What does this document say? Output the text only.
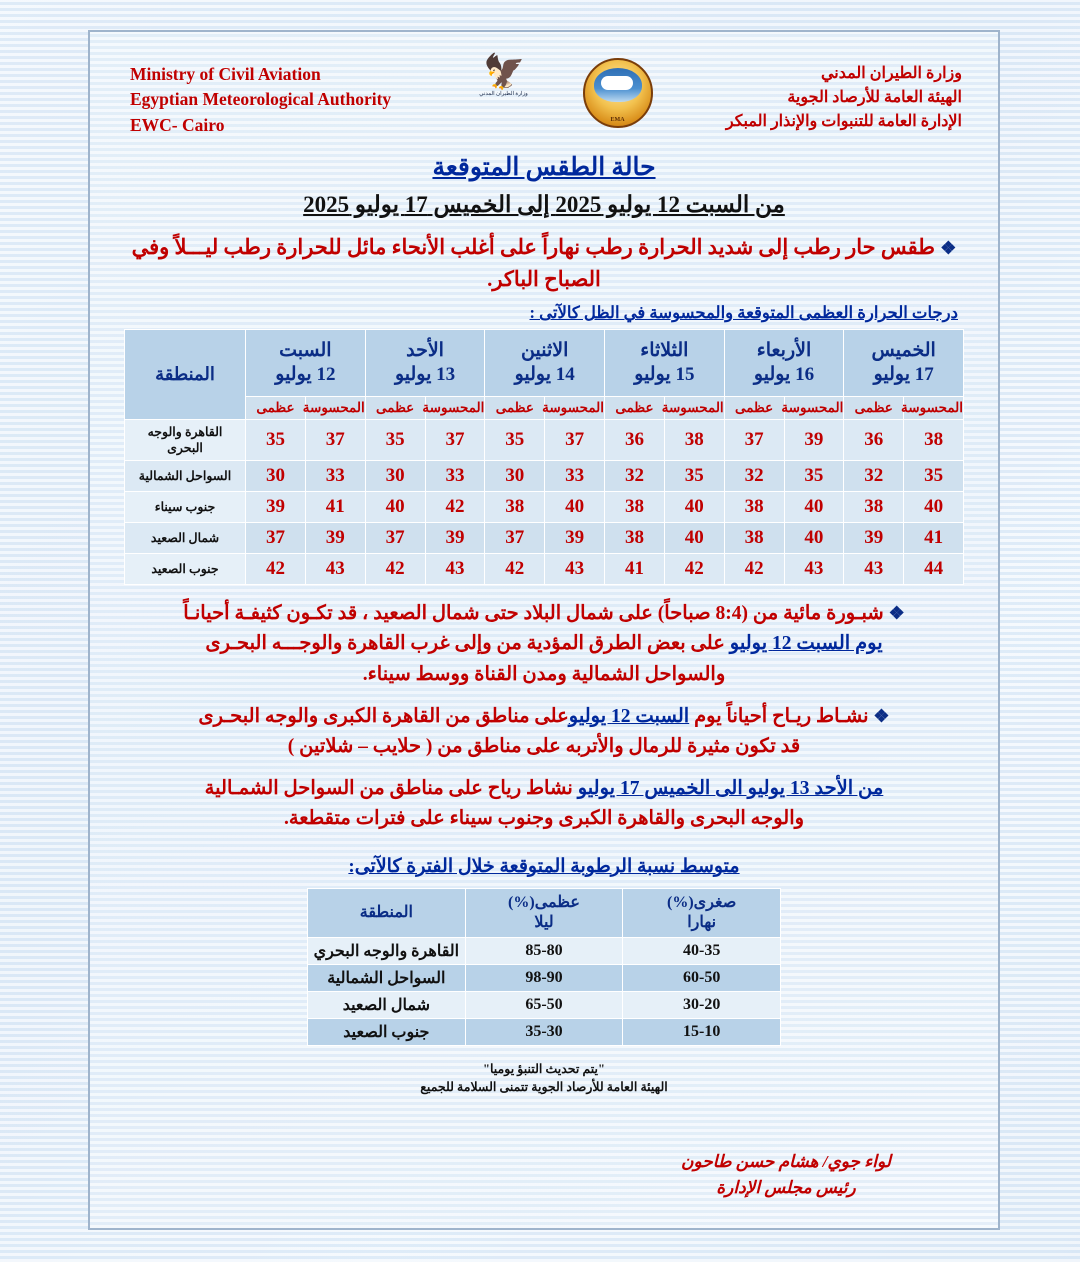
Ministry of Civil Aviation
Egyptian Meteorological Authority
EWC- Cairo
🦅
وزارة الطيران المدني
EMA
وزارة الطيران المدني
الهيئة العامة للأرصاد الجوية
الإدارة العامة للتنبوات والإنذار المبكر
حالة الطقس المتوقعة
من السبت 12 يوليو 2025 إلى الخميس 17 يوليو 2025
❖ طقس حار رطب إلى شديد الحرارة رطب نهاراً على أغلب الأنحاء مائل للحرارة رطب ليـــلاً وفي الصباح الباكر.
درجات الحرارة العظمى المتوقعة والمحسوسة في الظل كالآتى :
الخميس
17 يوليو

الأربعاء
16 يوليو

الثلاثاء
15 يوليو

الاثنين
14 يوليو

الأحد
13 يوليو

السبت
12 يوليو
	المنطقة
المحسوسة	عظمى	المحسوسة	عظمى	المحسوسة	عظمى	المحسوسة	عظمى	المحسوسة	عظمى	المحسوسة	عظمى	
38	36	39	37	38	36	37	35	37	35	37	35	القاهرة والوجه البحرى
35	32	35	32	35	32	33	30	33	30	33	30	السواحل الشمالية
40	38	40	38	40	38	40	38	42	40	41	39	جنوب سيناء
41	39	40	38	40	38	39	37	39	37	39	37	شمال الصعيد
44	43	43	42	42	41	43	42	43	42	43	42	جنوب الصعيد
❖ شبـورة مائية من (8:4 صباحاً) على شمال البلاد حتى شمال الصعيد ، قد تكـون كثيفـة أحيانـاً
يوم السبت 12 يوليو على بعض الطرق المؤدية من وإلى غرب القاهرة والوجـــه البحـرى
والسواحل الشمالية ومدن القناة ووسط سيناء.
❖ نشـاط ريـاح أحياناً يوم السبت 12 يوليوعلى مناطق من القاهرة الكبرى والوجه البحـرى
قد تكون مثيرة للرمال والأتربه على مناطق من ( حلايب – شلاتين )
من الأحد 13 يوليو الى الخميس 17 يوليو نشاط رياح على مناطق من السواحل الشمـالية
والوجه البحرى والقاهرة الكبرى وجنوب سيناء على فترات متقطعة.
متوسط نسبة الرطوبة المتوقعة خلال الفترة كالآتى:
صغرى(%)
نهارا

عظمى(%)
ليلا
	المنطقة
40-35	85-80	القاهرة والوجه البحري
60-50	98-90	السواحل الشمالية
30-20	65-50	شمال الصعيد
15-10	35-30	جنوب الصعيد
"يتم تحديث التنبؤ يوميا"
الهيئة العامة للأرصاد الجوية تتمنى السلامة للجميع
لواء جوي/ هشام حسن طاحون
رئيس مجلس الإدارة
